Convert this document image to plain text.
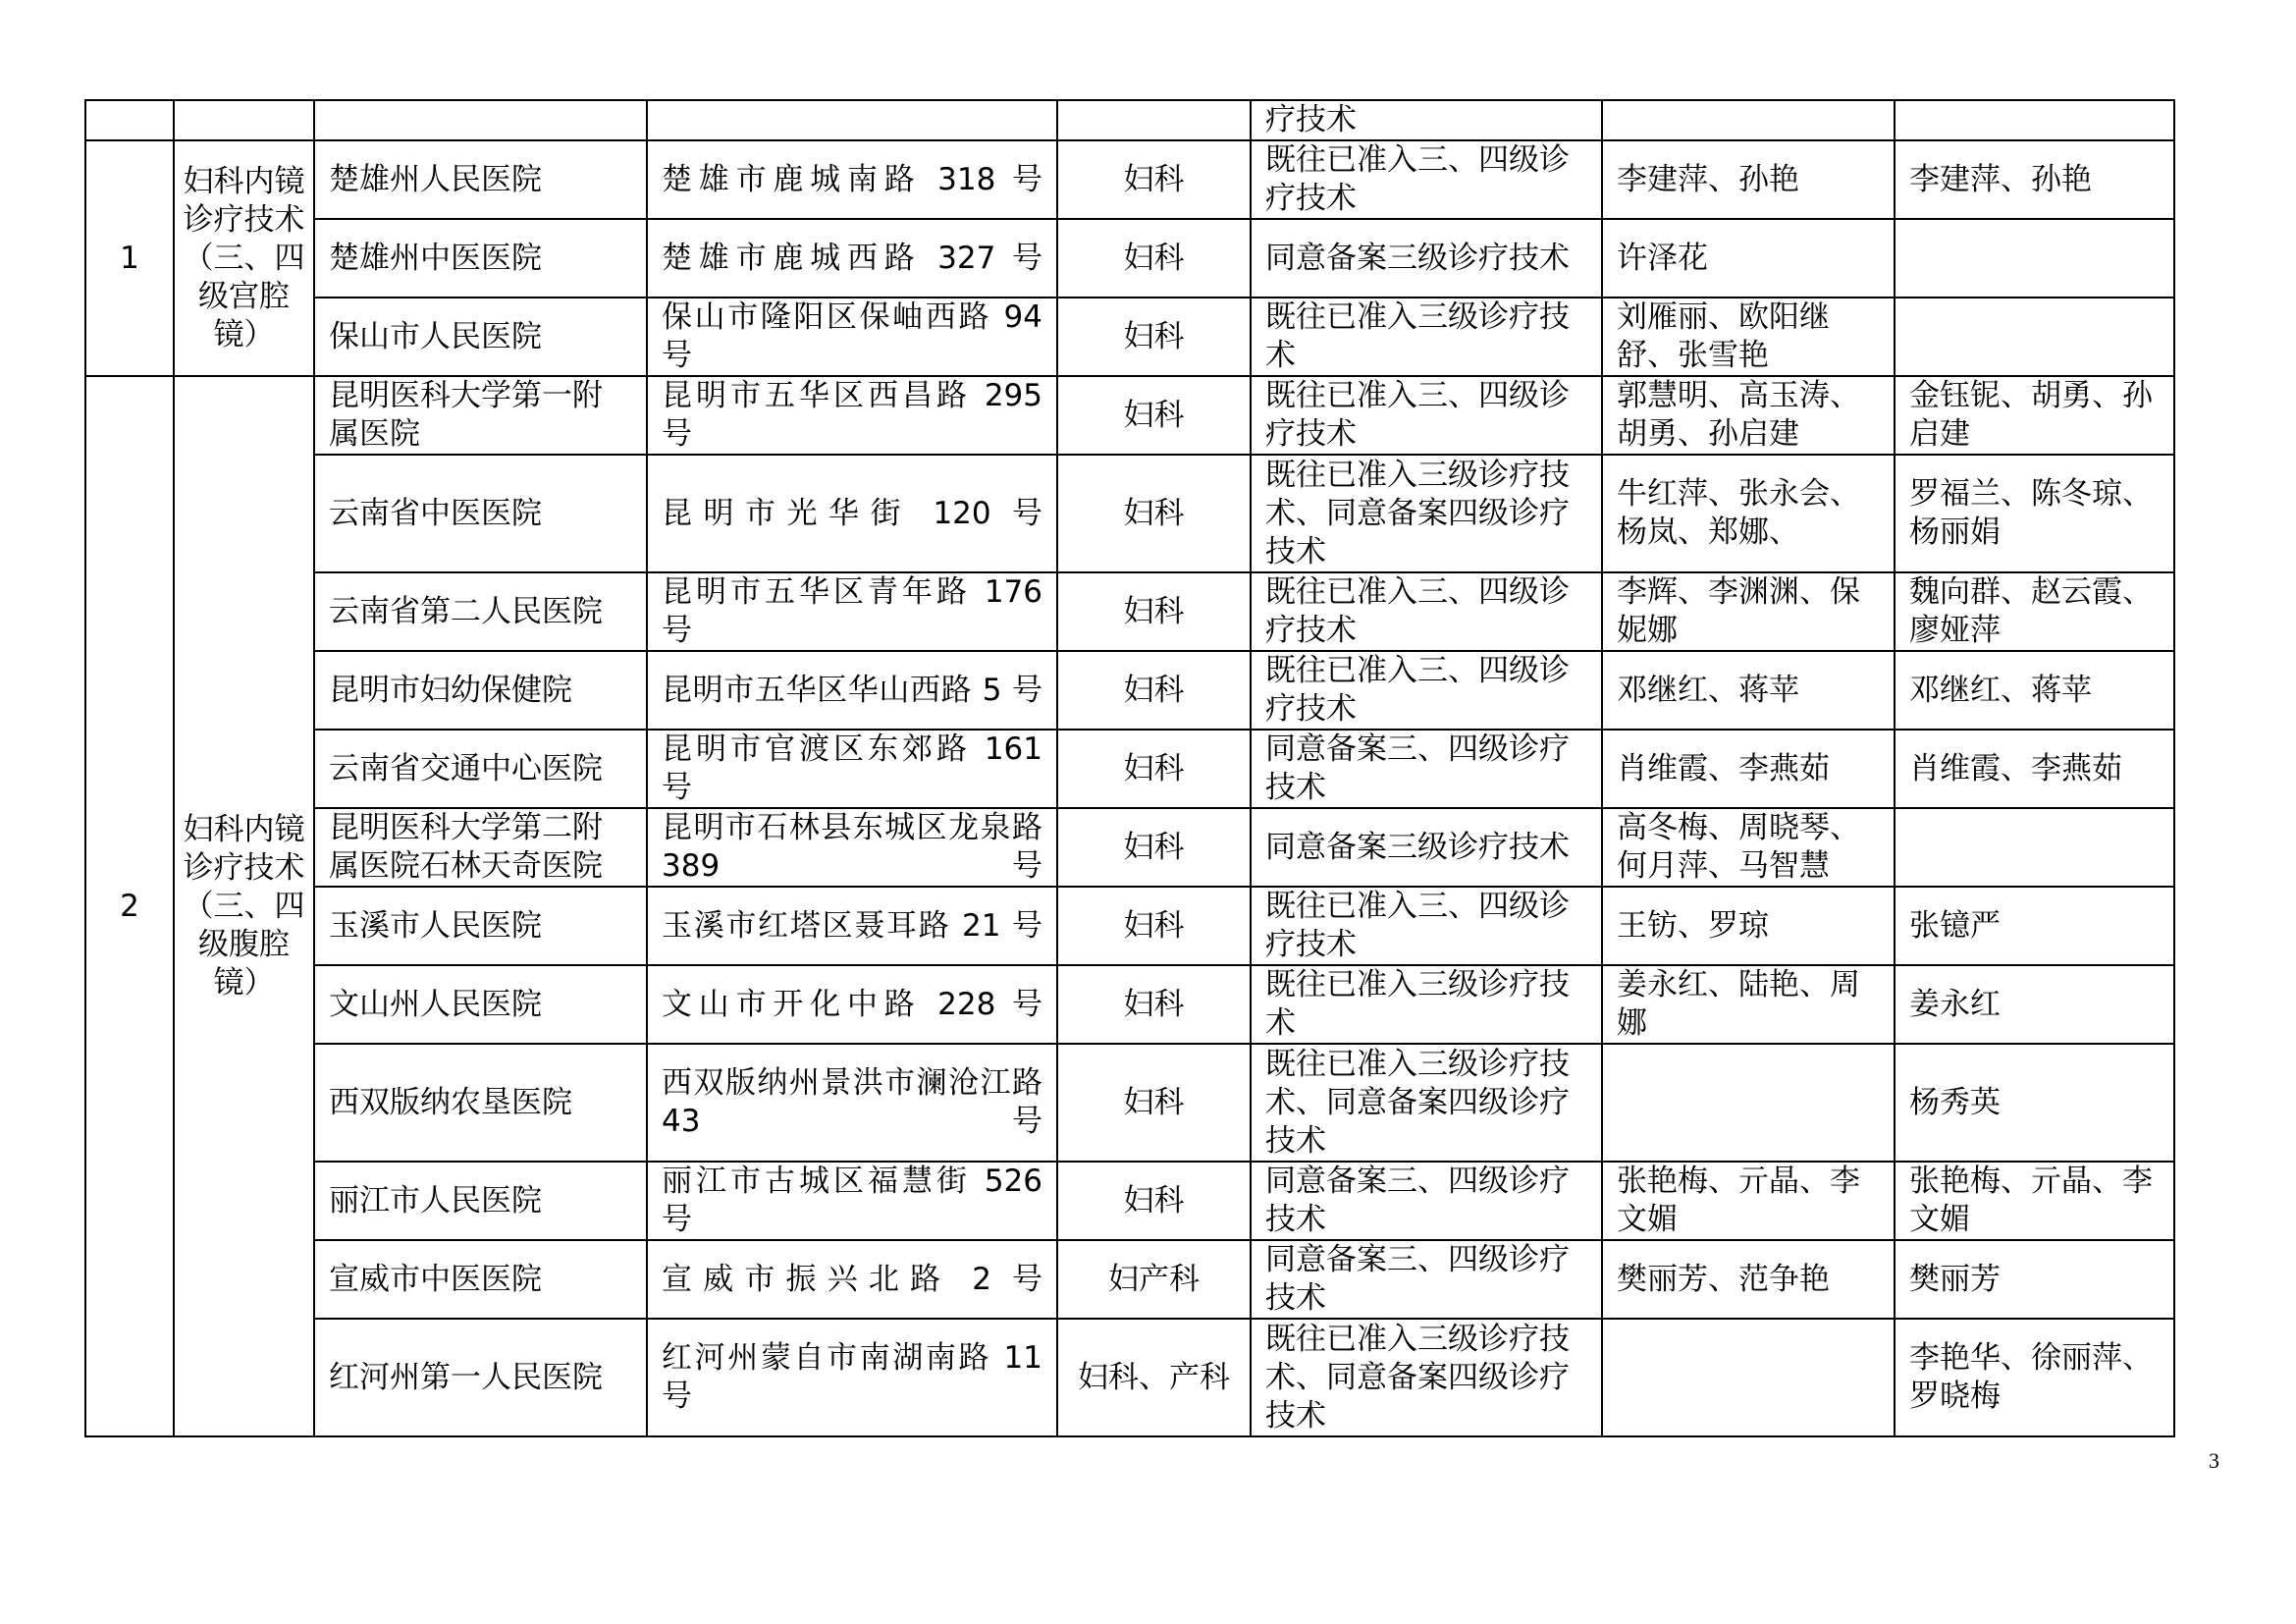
					疗技术		
1	妇科内镜诊疗技术（三、四级宫腔镜）	楚雄州人民医院	楚雄市鹿城南路 318 号	妇科	既往已准入三、四级诊疗技术	李建萍、孙艳	李建萍、孙艳
		楚雄州中医医院	楚雄市鹿城西路 327 号	妇科	同意备案三级诊疗技术	许泽花	
		保山市人民医院	保山市隆阳区保岫西路 94 号	妇科	既往已准入三级诊疗技术	刘雁丽、欧阳继舒、张雪艳	
2	妇科内镜诊疗技术（三、四级腹腔镜）	昆明医科大学第一附属医院	昆明市五华区西昌路 295 号	妇科	既往已准入三、四级诊疗技术	郭慧明、高玉涛、胡勇、孙启建	金钰铌、胡勇、孙启建
		云南省中医医院	昆明市光华街 120 号	妇科	既往已准入三级诊疗技术、同意备案四级诊疗技术	牛红萍、张永会、杨岚、郑娜、	罗福兰、陈冬琼、杨丽娟
		云南省第二人民医院	昆明市五华区青年路 176 号	妇科	既往已准入三、四级诊疗技术	李辉、李渊渊、保妮娜	魏向群、赵云霞、廖娅萍
		昆明市妇幼保健院	昆明市五华区华山西路 5 号	妇科	既往已准入三、四级诊疗技术	邓继红、蒋苹	邓继红、蒋苹
		云南省交通中心医院	昆明市官渡区东郊路 161 号	妇科	同意备案三、四级诊疗技术	肖维霞、李燕茹	肖维霞、李燕茹
		昆明医科大学第二附属医院石林天奇医院	昆明市石林县东城区龙泉路 389 号	妇科	同意备案三级诊疗技术	高冬梅、周晓琴、何月萍、马智慧	
		玉溪市人民医院	玉溪市红塔区聂耳路 21 号	妇科	既往已准入三、四级诊疗技术	王钫、罗琼	张镱严
		文山州人民医院	文山市开化中路 228 号	妇科	既往已准入三级诊疗技术	姜永红、陆艳、周娜	姜永红
		西双版纳农垦医院	西双版纳州景洪市澜沧江路 43 号	妇科	既往已准入三级诊疗技术、同意备案四级诊疗技术		杨秀英
		丽江市人民医院	丽江市古城区福慧街 526 号	妇科	同意备案三、四级诊疗技术	张艳梅、亓晶、李文媚	张艳梅、亓晶、李文媚
		宣威市中医医院	宣威市振兴北路 2 号	妇产科	同意备案三、四级诊疗技术	樊丽芳、范争艳	樊丽芳
		红河州第一人民医院	红河州蒙自市南湖南路 11 号	妇科、产科	既往已准入三级诊疗技术、同意备案四级诊疗技术		李艳华、徐丽萍、罗晓梅
3
